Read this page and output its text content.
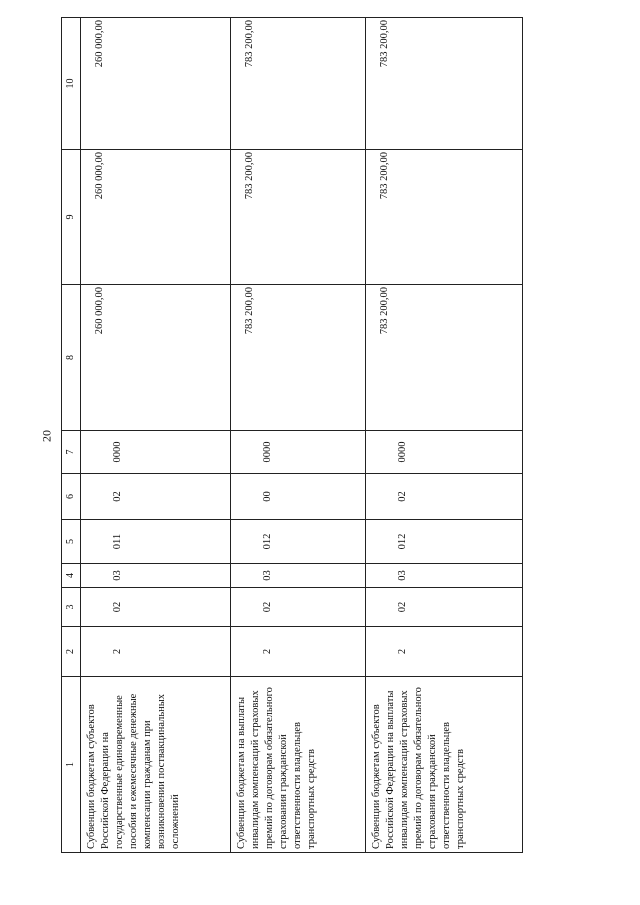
20
1	2	3	4	5	6	7	8	9	10
Субвенции бюджетам субъектов Российской Федерации на государственные единовременные пособия и ежемесячные денежные компенсации гражданам при возникновении поствакцинальных осложнений	2	02	03	011	02	0000	260 000,00	260 000,00	260 000,00
Субвенции бюджетам на выплаты инвалидам компенсаций страховых премий по договорам обязательного страхования гражданской ответственности владельцев транспортных средств	2	02	03	012	00	0000	783 200,00	783 200,00	783 200,00
Субвенции бюджетам субъектов Российской Федерации на выплаты инвалидам компенсаций страховых премий по договорам обязательного страхования гражданской ответственности владельцев транспортных средств	2	02	03	012	02	0000	783 200,00	783 200,00	783 200,00
